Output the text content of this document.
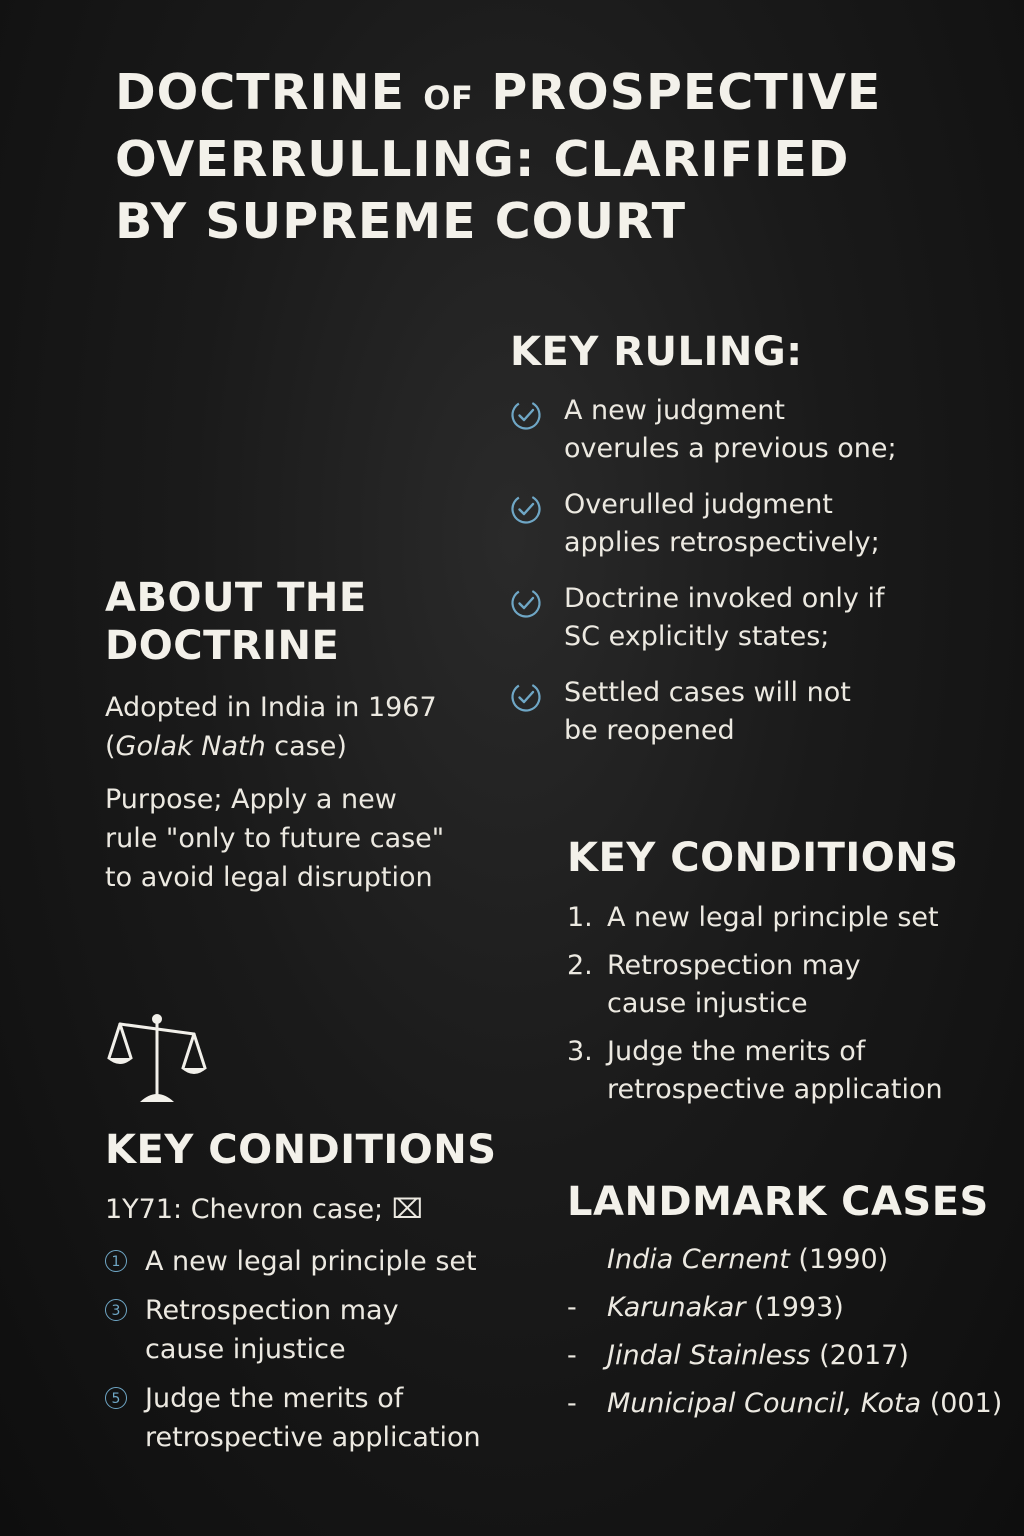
DOCTRINE OF PROSPECTIVE
OVERRULLING: CLARIFIED
BY SUPREME COURT
KEY RULING:
A new judgment
overules a previous one;
Overulled judgment
applies retrospectively;
Doctrine invoked only if
SC explicitly states;
Settled cases will not
be reopened
ABOUT THE
DOCTRINE

Adopted in India in 1967
(Golak Nath case)

Purpose; Apply a new
rule "only to future case"
to avoid legal disruption	KEY CONDITIONS
1. A new legal principle set
2. Retrospection may
cause injustice
3. Judge the merits of
retrospective application
KEY CONDITIONS

1Y71: Chevron case; ⌧

1 A new legal principle set
3 Retrospection may
cause injustice
5 Judge the merits of
retrospective application
LANDMARK CASES
India Cernent (1990)
- Karunakar (1993)
- Jindal Stainless (2017)
- Municipal Council, Kota (001)
